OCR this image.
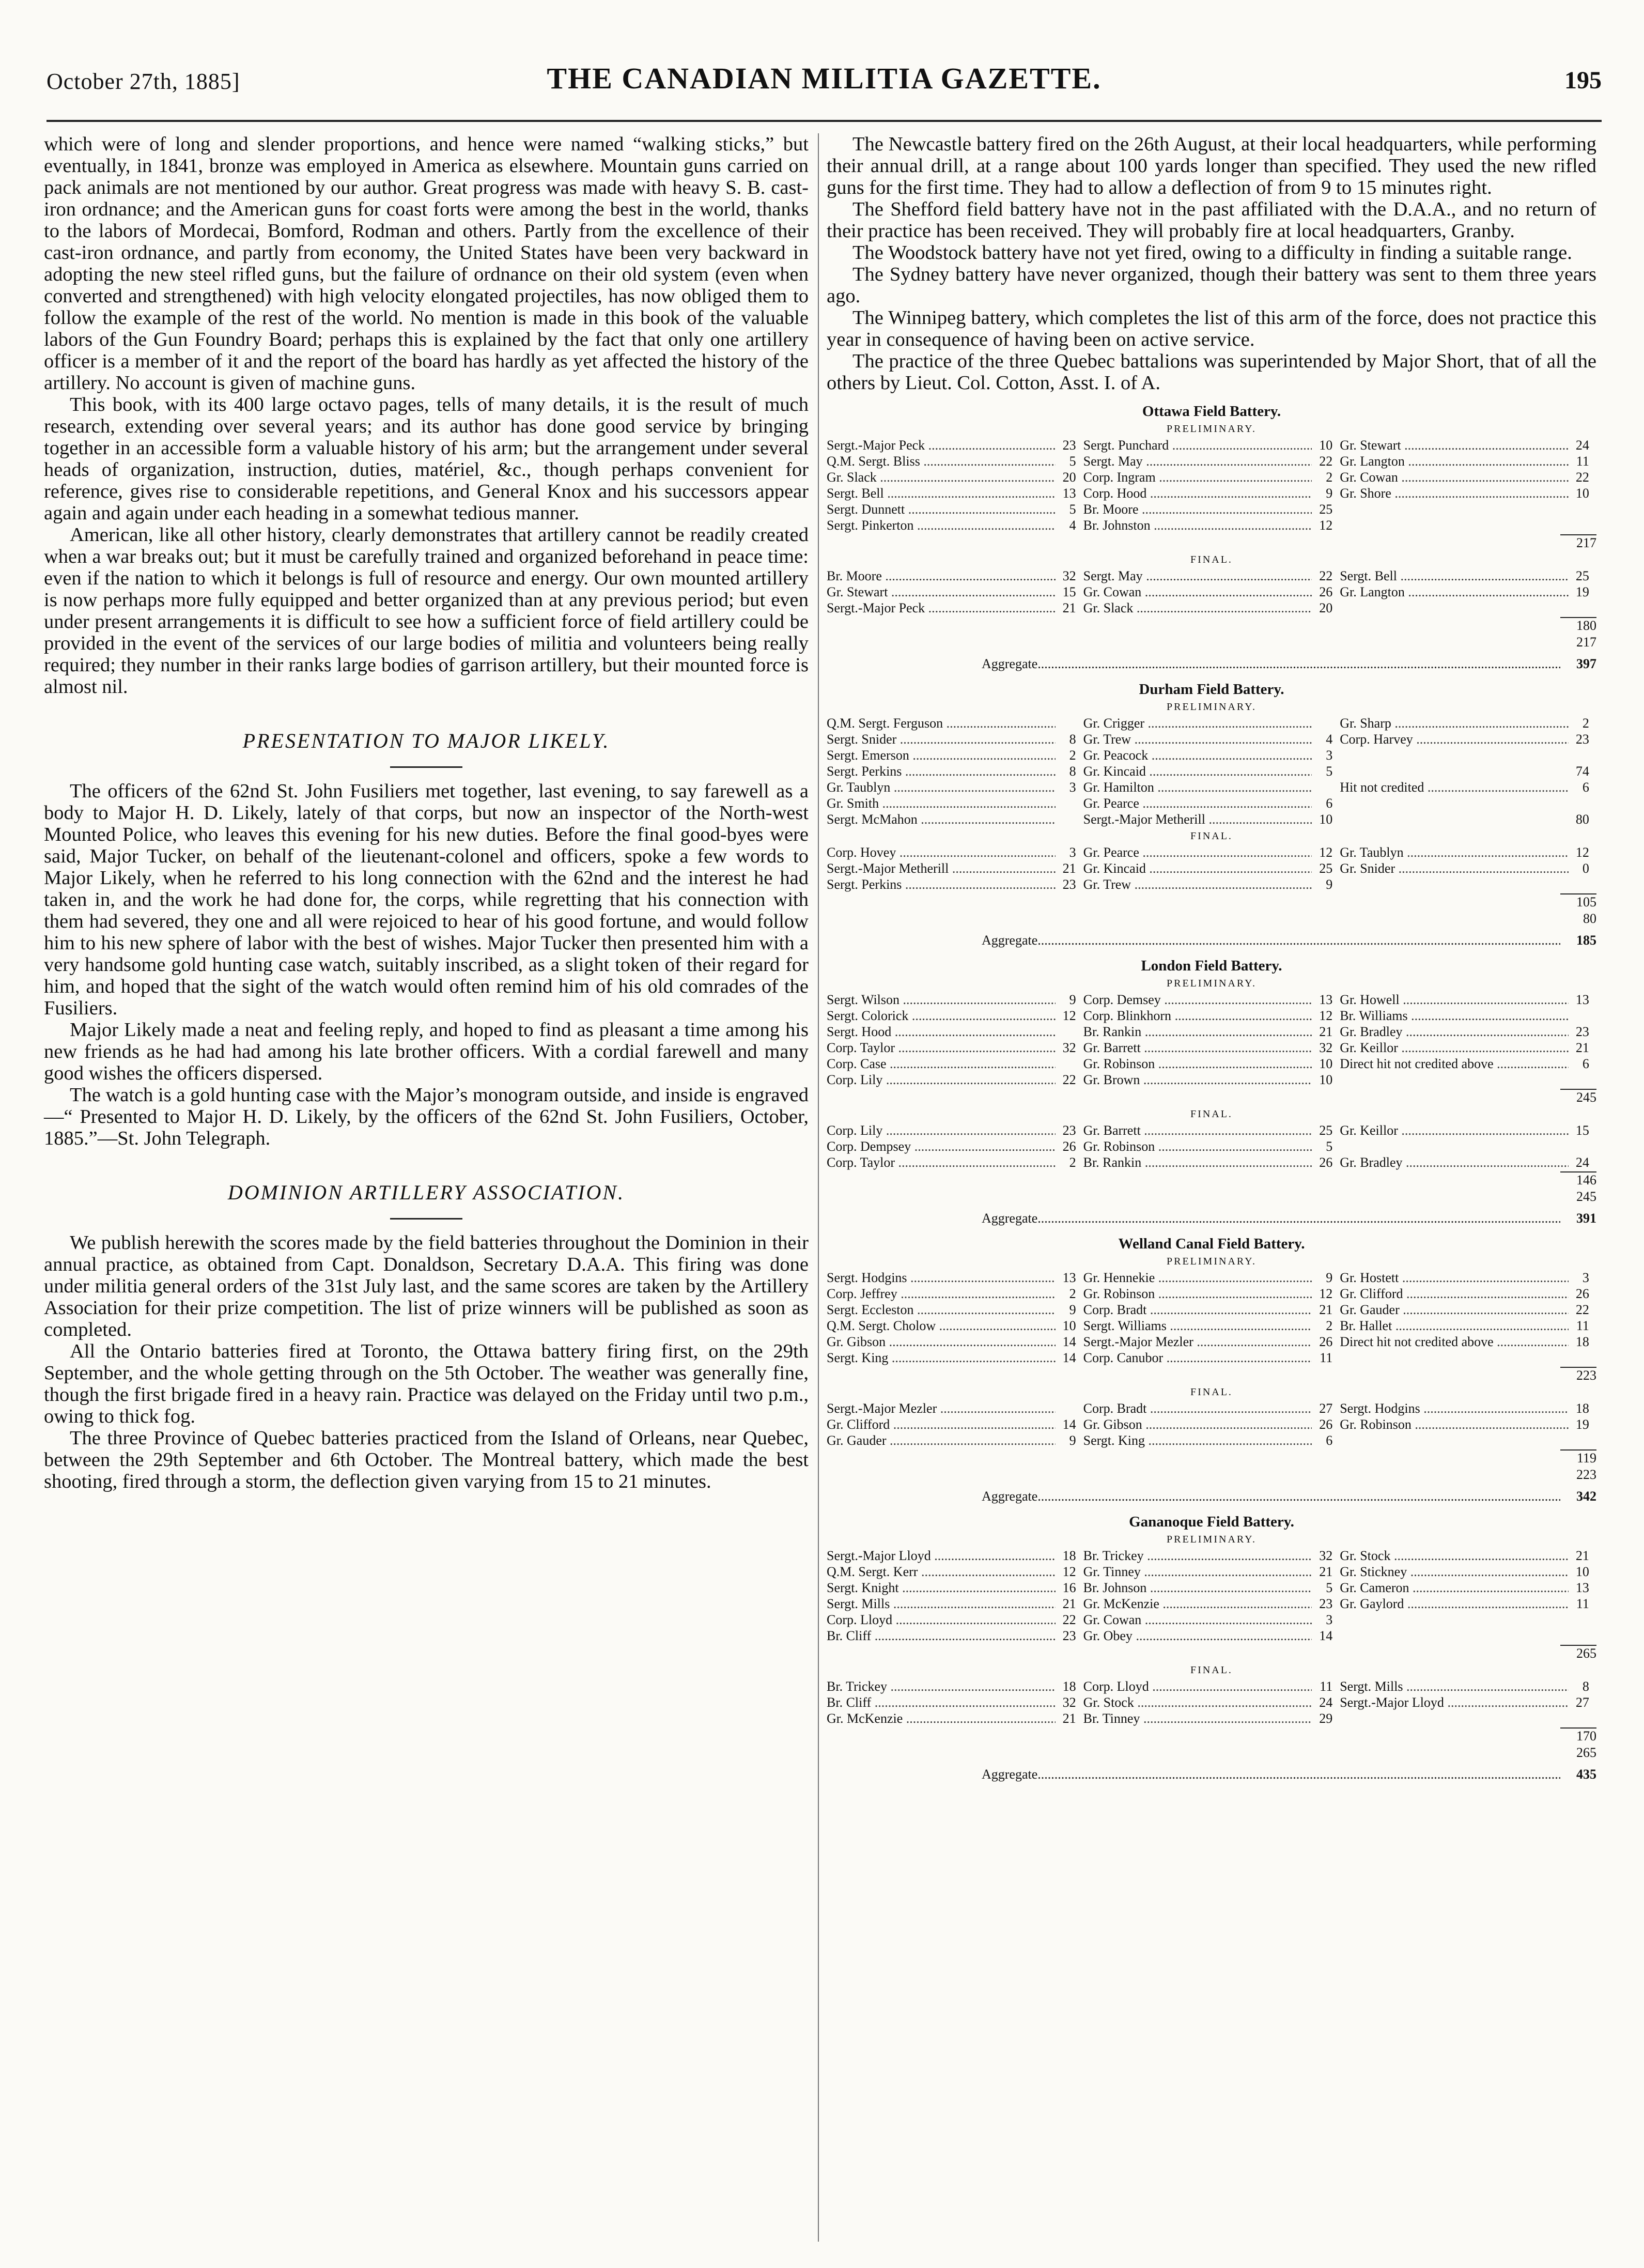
October 27th, 1885]	THE CANADIAN MILITIA GAZETTE.	195

which were of long and slender proportions, and hence were named “walking sticks,” but eventually, in 1841, bronze was employed in America as elsewhere. Mountain guns carried on pack animals are not mentioned by our author. Great progress was made with heavy S. B. cast-iron ordnance; and the American guns for coast forts were among the best in the world, thanks to the labors of Mordecai, Bomford, Rodman and others. Partly from the excellence of their cast-iron ordnance, and partly from economy, the United States have been very backward in adopting the new steel rifled guns, but the failure of ordnance on their old system (even when converted and strengthened) with high velocity elongated projectiles, has now obliged them to follow the example of the rest of the world. No mention is made in this book of the valuable labors of the Gun Foundry Board; perhaps this is explained by the fact that only one artillery officer is a member of it and the report of the board has hardly as yet affected the history of the artillery. No account is given of machine guns.

This book, with its 400 large octavo pages, tells of many details, it is the result of much research, extending over several years; and its author has done good service by bringing together in an accessible form a valuable history of his arm; but the arrangement under several heads of organization, instruction, duties, matériel, &c., though perhaps convenient for reference, gives rise to considerable repetitions, and General Knox and his successors appear again and again under each heading in a somewhat tedious manner.

American, like all other history, clearly demonstrates that artillery cannot be readily created when a war breaks out; but it must be carefully trained and organized beforehand in peace time: even if the nation to which it belongs is full of resource and energy. Our own mounted artillery is now perhaps more fully equipped and better organized than at any previous period; but even under present arrangements it is difficult to see how a sufficient force of field artillery could be provided in the event of the services of our large bodies of militia and volunteers being really required; they number in their ranks large bodies of garrison artillery, but their mounted force is almost nil.

PRESENTATION TO MAJOR LIKELY.

The officers of the 62nd St. John Fusiliers met together, last evening, to say farewell as a body to Major H. D. Likely, lately of that corps, but now an inspector of the North-west Mounted Police, who leaves this evening for his new duties. Before the final good-byes were said, Major Tucker, on behalf of the lieutenant-colonel and officers, spoke a few words to Major Likely, when he referred to his long connection with the 62nd and the interest he had taken in, and the work he had done for, the corps, while regretting that his connection with them had severed, they one and all were rejoiced to hear of his good fortune, and would follow him to his new sphere of labor with the best of wishes. Major Tucker then presented him with a very handsome gold hunting case watch, suitably inscribed, as a slight token of their regard for him, and hoped that the sight of the watch would often remind him of his old comrades of the Fusiliers.

Major Likely made a neat and feeling reply, and hoped to find as pleasant a time among his new friends as he had had among his late brother officers. With a cordial farewell and many good wishes the officers dispersed.

The watch is a gold hunting case with the Major’s monogram outside, and inside is engraved—“ Presented to Major H. D. Likely, by the officers of the 62nd St. John Fusiliers, October, 1885.”—St. John Telegraph.

DOMINION ARTILLERY ASSOCIATION.

We publish herewith the scores made by the field batteries throughout the Dominion in their annual practice, as obtained from Capt. Donaldson, Secretary D.A.A. This firing was done under militia general orders of the 31st July last, and the same scores are taken by the Artillery Association for their prize competition. The list of prize winners will be published as soon as completed.

All the Ontario batteries fired at Toronto, the Ottawa battery firing first, on the 29th September, and the whole getting through on the 5th October. The weather was generally fine, though the first brigade fired in a heavy rain. Practice was delayed on the Friday until two p.m., owing to thick fog.

The three Province of Quebec batteries practiced from the Island of Orleans, near Quebec, between the 29th September and 6th October. The Montreal battery, which made the best shooting, fired through a storm, the deflection given varying from 15 to 21 minutes.

The Newcastle battery fired on the 26th August, at their local headquarters, while performing their annual drill, at a range about 100 yards longer than specified. They used the new rifled guns for the first time. They had to allow a deflection of from 9 to 15 minutes right.

The Shefford field battery have not in the past affiliated with the D.A.A., and no return of their practice has been received. They will probably fire at local headquarters, Granby.

The Woodstock battery have not yet fired, owing to a difficulty in finding a suitable range.

The Sydney battery have never organized, though their battery was sent to them three years ago.

The Winnipeg battery, which completes the list of this arm of the force, does not practice this year in consequence of having been on active service.

The practice of the three Quebec battalions was superintended by Major Short, that of all the others by Lieut. Col. Cotton, Asst. I. of A.

Ottawa Field Battery.
PRELIMINARY.
Sergt.-Major Peck .....	23 Sergt. Punchard .....	10 Gr. Stewart .....	24
Q.M. Sergt. Bliss .....	5 Sergt. May .....	22 Gr. Langton .....	11
Gr. Slack .....	20 Corp. Ingram .....	2 Gr. Cowan .....	22
Sergt. Bell .....	13 Corp. Hood .....	9 Gr. Shore .....	10
Sergt. Dunnett .....	5 Br. Moore .....	25
Sergt. Pinkerton .....	4 Br. Johnston .....	12
217
FINAL.
Br. Moore .....	32 Sergt. May .....	22 Sergt. Bell .....	25
Gr. Stewart .....	15 Gr. Cowan .....	26 Gr. Langton .....	19
Sergt.-Major Peck .....	21 Gr. Slack .....	20
180
217
Aggregate .....	397
Durham Field Battery.
PRELIMINARY.
Q.M. Sergt. Ferguson .....	Gr. Crigger .....	Gr. Sharp .....	2
Sergt. Snider .....	8 Gr. Trew .....	4 Corp. Harvey .....	23
Sergt. Emerson .....	2 Gr. Peacock .....	3
Sergt. Perkins .....	8 Gr. Kincaid .....	5	74
Gr. Taublyn .....	3 Gr. Hamilton .....	Hit not credited .....	6
Gr. Smith .....	Gr. Pearce .....	6
Sergt. McMahon .....	Sergt.-Major Metherill .....	10	80
FINAL.
Corp. Hovey .....	3 Gr. Pearce .....	12 Gr. Taublyn .....	12
Sergt.-Major Metherill .....	21 Gr. Kincaid .....	25 Gr. Snider .....	0
Sergt. Perkins .....	23 Gr. Trew .....	9
105
80
Aggregate .....	185
London Field Battery.
PRELIMINARY.
Sergt. Wilson .....	9 Corp. Demsey .....	13 Gr. Howell .....	13
Sergt. Colorick .....	12 Corp. Blinkhorn .....	12 Br. Williams .....
Sergt. Hood .....	Br. Rankin .....	21 Gr. Bradley .....	23
Corp. Taylor .....	32 Gr. Barrett .....	32 Gr. Keillor .....	21
Corp. Case .....	Gr. Robinson .....	10 Direct hit not credited above .....	6
Corp. Lily .....	22 Gr. Brown .....	10
245
FINAL.
Corp. Lily .....	23 Gr. Barrett .....	25 Gr. Keillor .....	15
Corp. Dempsey .....	26 Gr. Robinson .....	5
Corp. Taylor .....	2 Br. Rankin .....	26 Gr. Bradley .....	24
146
245
Aggregate .....	391
Welland Canal Field Battery.
PRELIMINARY.
Sergt. Hodgins .....	13 Gr. Hennekie .....	9 Gr. Hostett .....	3
Corp. Jeffrey .....	2 Gr. Robinson .....	12 Gr. Clifford .....	26
Sergt. Eccleston .....	9 Corp. Bradt .....	21 Gr. Gauder .....	22
Q.M. Sergt. Cholow .....	10 Sergt. Williams .....	2 Br. Hallet .....	11
Gr. Gibson .....	14 Sergt.-Major Mezler .....	26 Direct hit not credited above .....	18
Sergt. King .....	14 Corp. Canubor .....	11
223
FINAL.
Sergt.-Major Mezler .....	Corp. Bradt .....	27 Sergt. Hodgins .....	18
Gr. Clifford .....	14 Gr. Gibson .....	26 Gr. Robinson .....	19
Gr. Gauder .....	9 Sergt. King .....	6
119
223
Aggregate .....	342
Gananoque Field Battery.
PRELIMINARY.
Sergt.-Major Lloyd .....	18 Br. Trickey .....	32 Gr. Stock .....	21
Q.M. Sergt. Kerr .....	12 Gr. Tinney .....	21 Gr. Stickney .....	10
Sergt. Knight .....	16 Br. Johnson .....	5 Gr. Cameron .....	13
Sergt. Mills .....	21 Gr. McKenzie .....	23 Gr. Gaylord .....	11
Corp. Lloyd .....	22 Gr. Cowan .....	3
Br. Cliff .....	23 Gr. Obey .....	14
265
FINAL.
Br. Trickey .....	18 Corp. Lloyd .....	11 Sergt. Mills .....	8
Br. Cliff .....	32 Gr. Stock .....	24 Sergt.-Major Lloyd .....	27
Gr. McKenzie .....	21 Br. Tinney .....	29
170
265
Aggregate .....	435
